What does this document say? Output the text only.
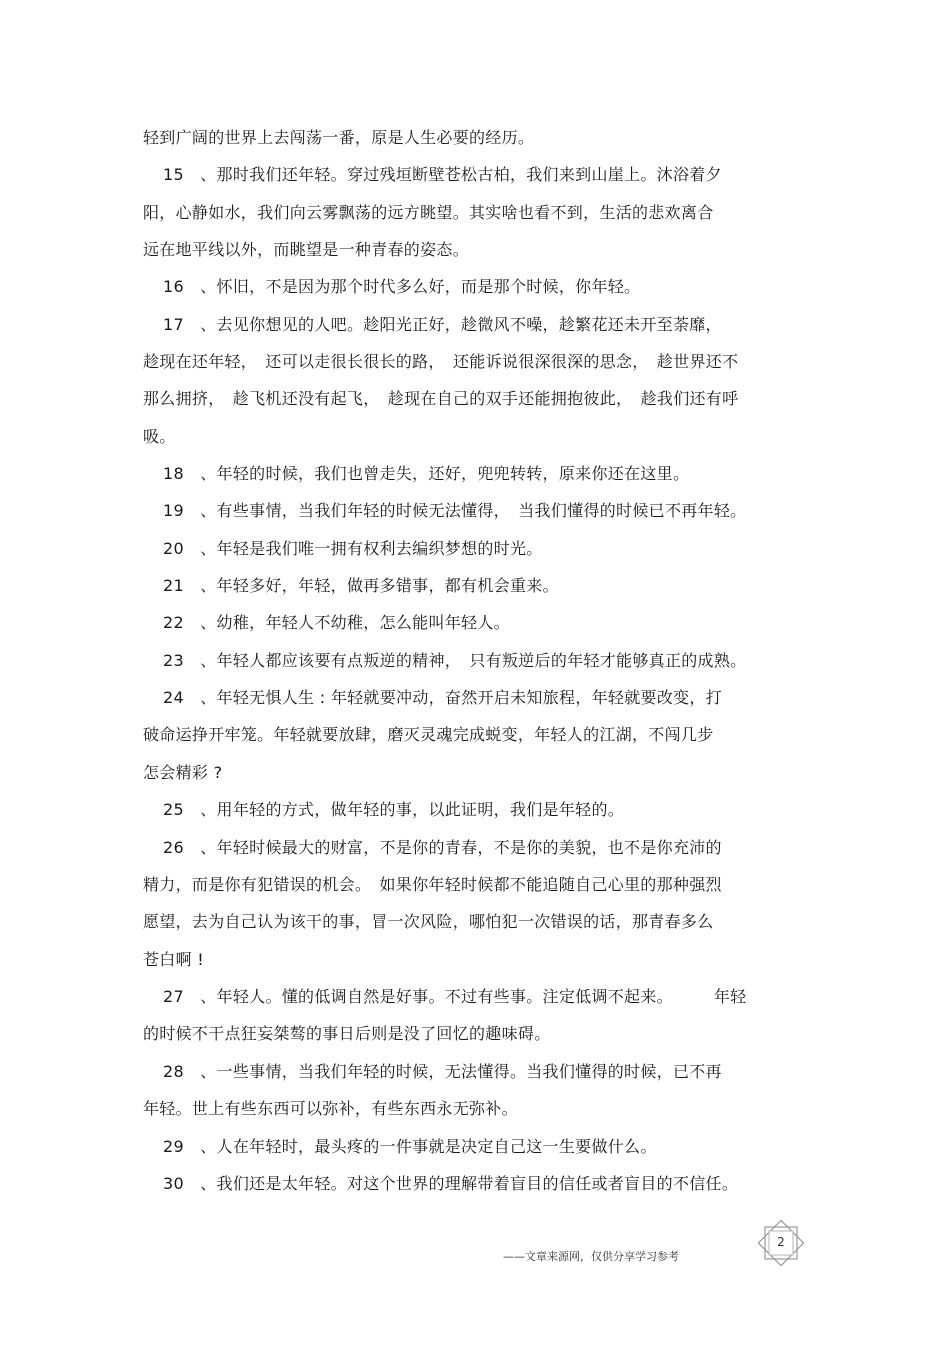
轻到广阔的世界上去闯荡一番，原是人生必要的经历。
15　、那时我们还年轻。穿过残垣断壁苍松古柏，我们来到山崖上。沐浴着夕
阳，心静如水，我们向云雾飘荡的远方眺望。其实啥也看不到，生活的悲欢离合
远在地平线以外，而眺望是一种青春的姿态。
16　、怀旧，不是因为那个时代多么好，而是那个时候，你年轻。
17　、去见你想见的人吧。趁阳光正好，趁微风不噪，趁繁花还未开至荼靡，
趁现在还年轻，　还可以走很长很长的路，　还能诉说很深很深的思念，　趁世界还不
那么拥挤，　趁飞机还没有起飞，　趁现在自己的双手还能拥抱彼此，　趁我们还有呼
吸。
18　、年轻的时候，我们也曾走失，还好，兜兜转转，原来你还在这里。
19　、有些事情，当我们年轻的时候无法懂得，　当我们懂得的时候已不再年轻。
20　、年轻是我们唯一拥有权利去编织梦想的时光。
21　、年轻多好，年轻，做再多错事，都有机会重来。
22　、幼稚，年轻人不幼稚，怎么能叫年轻人。
23　、年轻人都应该要有点叛逆的精神，　只有叛逆后的年轻才能够真正的成熟。
24　、年轻无惧人生 : 年轻就要冲动，奋然开启未知旅程，年轻就要改变，打
破命运挣开牢笼。年轻就要放肆，磨灭灵魂完成蜕变，年轻人的江湖，不闯几步
怎会精彩 ?
25　、用年轻的方式，做年轻的事，以此证明，我们是年轻的。
26　、年轻时候最大的财富，不是你的青春，不是你的美貌，也不是你充沛的
精力，而是你有犯错误的机会。　如果你年轻时候都不能追随自己心里的那种强烈
愿望，去为自己认为该干的事，冒一次风险，哪怕犯一次错误的话，那青春多么
苍白啊 !
27　、年轻人。懂的低调自然是好事。不过有些事。注定低调不起来。　　　年轻
的时候不干点狂妄桀骜的事日后则是没了回忆的趣味碍。
28　、一些事情，当我们年轻的时候，无法懂得。当我们懂得的时候，已不再
年轻。世上有些东西可以弥补，有些东西永无弥补。
29　、人在年轻时，最头疼的一件事就是决定自己这一生要做什么。
30　、我们还是太年轻。对这个世界的理解带着盲目的信任或者盲目的不信任。
——文章来源网，仅供分享学习参考
2
